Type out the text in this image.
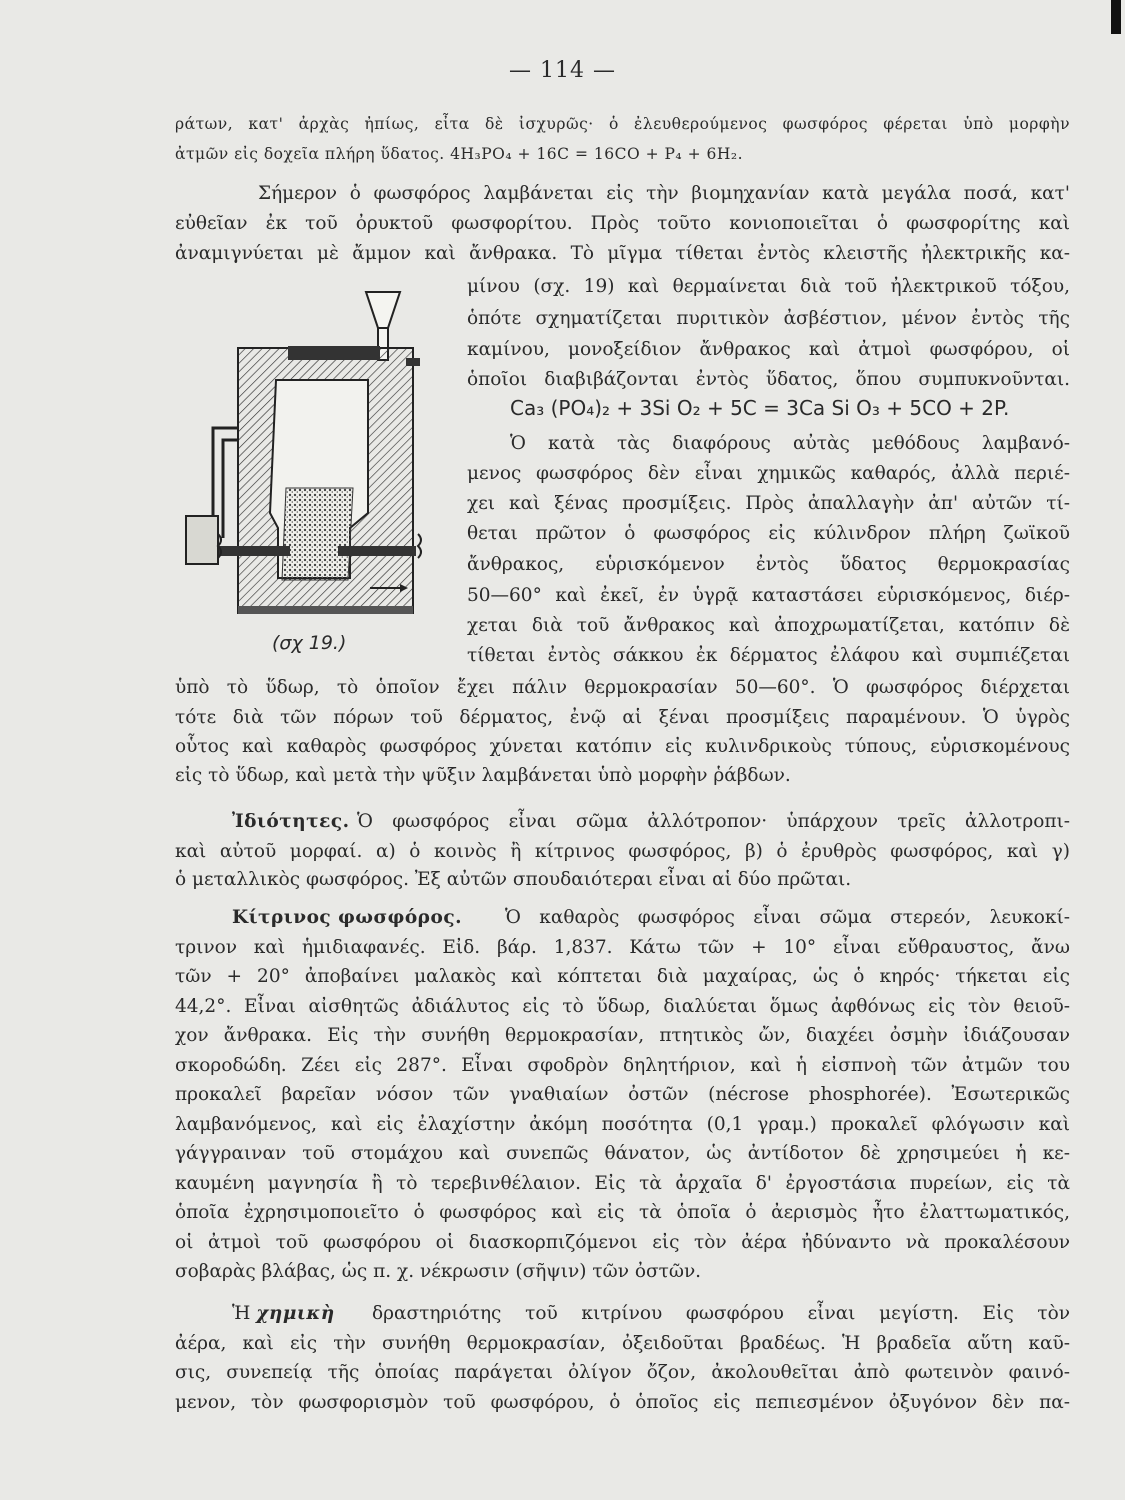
— 114 —
ράτων, κατ' ἀρχὰς ἠπίως, εἶτα δὲ ἰσχυρῶς· ὁ ἐλευθερούμενος φωσφόρος φέρεται ὑπὸ μορφὴν
ἀτμῶν εἰς δοχεῖα πλήρη ὕδατος. 4H₃PO₄ + 16C = 16CO + P₄ + 6H₂.
Σήμερον ὁ φωσφόρος λαμβάνεται εἰς τὴν βιομηχανίαν κατὰ μεγάλα ποσά, κατ'
εὐθεῖαν ἐκ τοῦ ὀρυκτοῦ φωσφορίτου. Πρὸς τοῦτο κονιοποιεῖται ὁ φωσφορίτης καὶ
ἀναμιγνύεται μὲ ἄμμον καὶ ἄνθρακα. Τὸ μῖγμα τίθεται ἐντὸς κλειστῆς ἠλεκτρικῆς κα-
μίνου (σχ. 19) καὶ θερμαίνεται διὰ τοῦ ἠλεκτρικοῦ τόξου,
ὁπότε σχηματίζεται πυριτικὸν ἀσβέστιον, μένον ἐντὸς τῆς
καμίνου, μονοξείδιον ἄνθρακος καὶ ἀτμοὶ φωσφόρου, οἱ
ὁποῖοι διαβιβάζονται ἐντὸς ὕδατος, ὅπου συμπυκνοῦνται.
Ca₃ (PO₄)₂ + 3Si O₂ + 5C = 3Ca Si O₃ + 5CO + 2P.
Ὁ κατὰ τὰς διαφόρους αὐτὰς μεθόδους λαμβανό-
μενος φωσφόρος δὲν εἶναι χημικῶς καθαρός, ἀλλὰ περιέ-
χει καὶ ξένας προσμίξεις. Πρὸς ἀπαλλαγὴν ἀπ' αὐτῶν τί-
θεται πρῶτον ὁ φωσφόρος εἰς κύλινδρον πλήρη ζωϊκοῦ
ἄνθρακος, εὑρισκόμενον ἐντὸς ὕδατος θερμοκρασίας
50—60° καὶ ἐκεῖ, ἐν ὑγρᾷ καταστάσει εὑρισκόμενος, διέρ-
χεται διὰ τοῦ ἄνθρακος καὶ ἀποχρωματίζεται, κατόπιν δὲ
τίθεται ἐντὸς σάκκου ἐκ δέρματος ἐλάφου καὶ συμπιέζεται
(σχ 19.)
ὑπὸ τὸ ὕδωρ, τὸ ὁποῖον ἔχει πάλιν θερμοκρασίαν 50—60°. Ὁ φωσφόρος διέρχεται
τότε διὰ τῶν πόρων τοῦ δέρματος, ἐνῷ αἱ ξέναι προσμίξεις παραμένουν. Ὁ ὑγρὸς
οὗτος καὶ καθαρὸς φωσφόρος χύνεται κατόπιν εἰς κυλινδρικοὺς τύπους, εὑρισκομένους
εἰς τὸ ὕδωρ, καὶ μετὰ τὴν ψῦξιν λαμβάνεται ὑπὸ μορφὴν ῥάβδων.
Ἰδιότητες. Ὁ φωσφόρος εἶναι σῶμα ἀλλότροπον· ὑπάρχουν τρεῖς ἀλλοτροπι-
καὶ αὐτοῦ μορφαί. α) ὁ κοινὸς ἢ κίτρινος φωσφόρος, β) ὁ ἐρυθρὸς φωσφόρος, καὶ γ)
ὁ μεταλλικὸς φωσφόρος. Ἐξ αὐτῶν σπουδαιότεραι εἶναι αἱ δύο πρῶται.
Κίτρινος φωσφόρος. Ὁ καθαρὸς φωσφόρος εἶναι σῶμα στερεόν, λευκοκί-
τρινον καὶ ἡμιδιαφανές. Εἰδ. βάρ. 1,837. Κάτω τῶν + 10° εἶναι εὔθραυστος, ἄνω
τῶν + 20° ἀποβαίνει μαλακὸς καὶ κόπτεται διὰ μαχαίρας, ὡς ὁ κηρός· τήκεται εἰς
44,2°. Εἶναι αἰσθητῶς ἀδιάλυτος εἰς τὸ ὕδωρ, διαλύεται ὅμως ἀφθόνως εἰς τὸν θειοῦ-
χον ἄνθρακα. Εἰς τὴν συνήθη θερμοκρασίαν, πτητικὸς ὤν, διαχέει ὀσμὴν ἰδιάζουσαν
σκοροδώδη. Ζέει εἰς 287°. Εἶναι σφοδρὸν δηλητήριον, καὶ ἡ εἰσπνοὴ τῶν ἀτμῶν του
προκαλεῖ βαρεῖαν νόσον τῶν γναθιαίων ὀστῶν (nécrose phosphorée). Ἐσωτερικῶς
λαμβανόμενος, καὶ εἰς ἐλαχίστην ἀκόμη ποσότητα (0,1 γραμ.) προκαλεῖ φλόγωσιν καὶ
γάγγραιναν τοῦ στομάχου καὶ συνεπῶς θάνατον, ὡς ἀντίδοτον δὲ χρησιμεύει ἡ κε-
καυμένη μαγνησία ἢ τὸ τερεβινθέλαιον. Εἰς τὰ ἀρχαῖα δ' ἐργοστάσια πυρείων, εἰς τὰ
ὁποῖα ἐχρησιμοποιεῖτο ὁ φωσφόρος καὶ εἰς τὰ ὁποῖα ὁ ἀερισμὸς ἦτο ἐλαττωματικός,
οἱ ἀτμοὶ τοῦ φωσφόρου οἱ διασκορπιζόμενοι εἰς τὸν ἀέρα ἠδύναντο νὰ προκαλέσουν
σοβαρὰς βλάβας, ὡς π. χ. νέκρωσιν (σῆψιν) τῶν ὀστῶν.
Ἡ χημικὴ δραστηριότης τοῦ κιτρίνου φωσφόρου εἶναι μεγίστη. Εἰς τὸν
ἀέρα, καὶ εἰς τὴν συνήθη θερμοκρασίαν, ὀξειδοῦται βραδέως. Ἡ βραδεῖα αὕτη καῦ-
σις, συνεπείᾳ τῆς ὁποίας παράγεται ὀλίγον ὄζον, ἀκολουθεῖται ἀπὸ φωτεινὸν φαινό-
μενον, τὸν φωσφορισμὸν τοῦ φωσφόρου, ὁ ὁποῖος εἰς πεπιεσμένον ὀξυγόνον δὲν πα-
